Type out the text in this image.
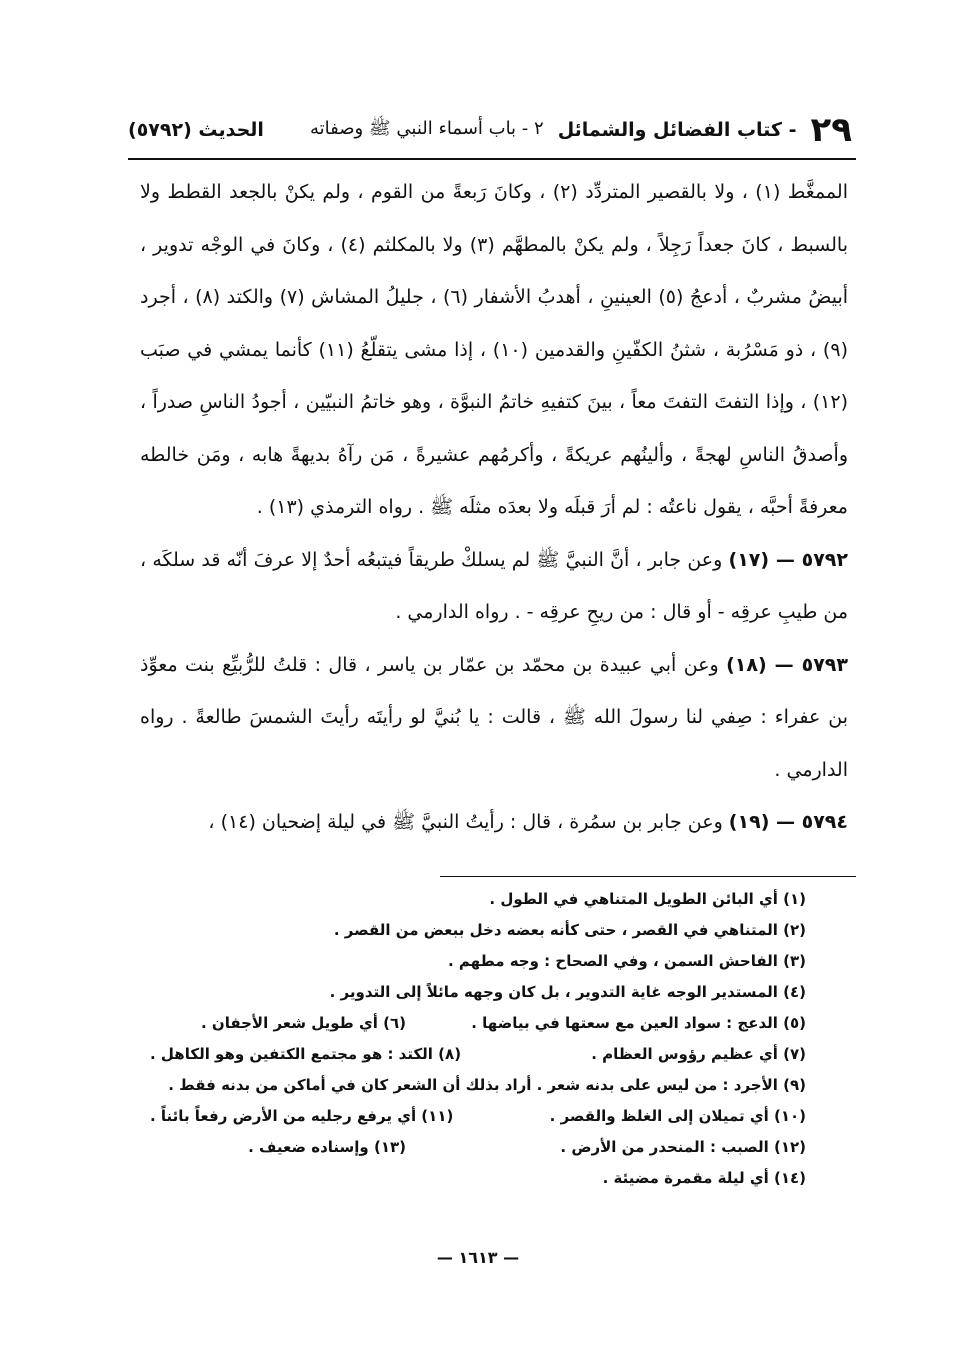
٢٩
- كتاب الفضائل والشمائل
٢ - باب أسماء النبي ﷺ وصفاته
الحديث (٥٧٩٢)

الممغَّط (١) ، ولا بالقصير المتردِّد (٢) ، وكانَ رَبعةً من القوم ، ولم يكنْ بالجعد القطط ولا بالسبط ، كانَ جعداً رَجِلاً ، ولم يكنْ بالمطهَّم (٣) ولا بالمكلثم (٤) ، وكانَ في الوجْه تدوير ، أبيضُ مشربٌ ، أدعجُ (٥) العينينِ ، أهدبُ الأشفار (٦) ، جليلُ المشاش (٧) والكتد (٨) ، أجرد (٩) ، ذو مَسْرُبة ، شثنُ الكفّينِ والقدمين (١٠) ، إذا مشى يتقلّعُ (١١) كأنما يمشي في صبَب (١٢) ، وإذا التفتَ التفتَ معاً ، بينَ كتفيهِ خاتمُ النبوَّة ، وهو خاتمُ النبيّين ، أجودُ الناسِ صدراً ، وأصدقُ الناسِ لهجةً ، وألينُهم عريكةً ، وأكرمُهم عشيرةً ، مَن رآهُ بديهةً هابه ، ومَن خالطه معرفةً أحبَّه ، يقول ناعتُه : لم أرَ قبلَه ولا بعدَه مثلَه ﷺ . رواه الترمذي (١٣) .

٥٧٩٢ — (١٧) وعن جابر ، أنَّ النبيَّ ﷺ لم يسلكْ طريقاً فيتبعُه أحدٌ إلا عرفَ أنّه قد سلكَه ، من طيبِ عرقِه - أو قال : من ريحِ عرقِه - . رواه الدارمي .

٥٧٩٣ — (١٨) وعن أبي عبيدة بن محمّد بن عمّار بن ياسر ، قال : قلتُ للرُّبيِّع بنت معوِّذ بن عفراء : صِفي لنا رسولَ الله ﷺ ، قالت : يا بُنيَّ لو رأيتَه رأيتَ الشمسَ طالعةً . رواه الدارمي .

٥٧٩٤ — (١٩) وعن جابر بن سمُرة ، قال : رأيتُ النبيَّ ﷺ في ليلة إضحيان (١٤) ،

(١) أي البائن الطويل المتناهي في الطول .
(٢) المتناهي في القصر ، حتى كأنه بعضه دخل ببعض من القصر .
(٣) الفاحش السمن ، وفي الصحاح : وجه مطهم .
(٤) المستدير الوجه غاية التدوير ، بل كان وجهه مائلاً إلى التدوير .
(٥) الدعج : سواد العين مع سعتها في بياضها .
(٦) أي طويل شعر الأجفان .
(٧) أي عظيم رؤوس العظام .
(٨) الكتد : هو مجتمع الكتفين وهو الكاهل .
(٩) الأجرد : من ليس على بدنه شعر . أراد بذلك أن الشعر كان في أماكن من بدنه فقط .
(١٠) أي تميلان إلى الغلظ والقصر .
(١١) أي يرفع رجليه من الأرض رفعاً بائناً .
(١٢) الصبب : المنحدر من الأرض .
(١٣) وإسناده ضعيف .
(١٤) أي ليلة مقمرة مضيئة .
— ١٦١٣ —
